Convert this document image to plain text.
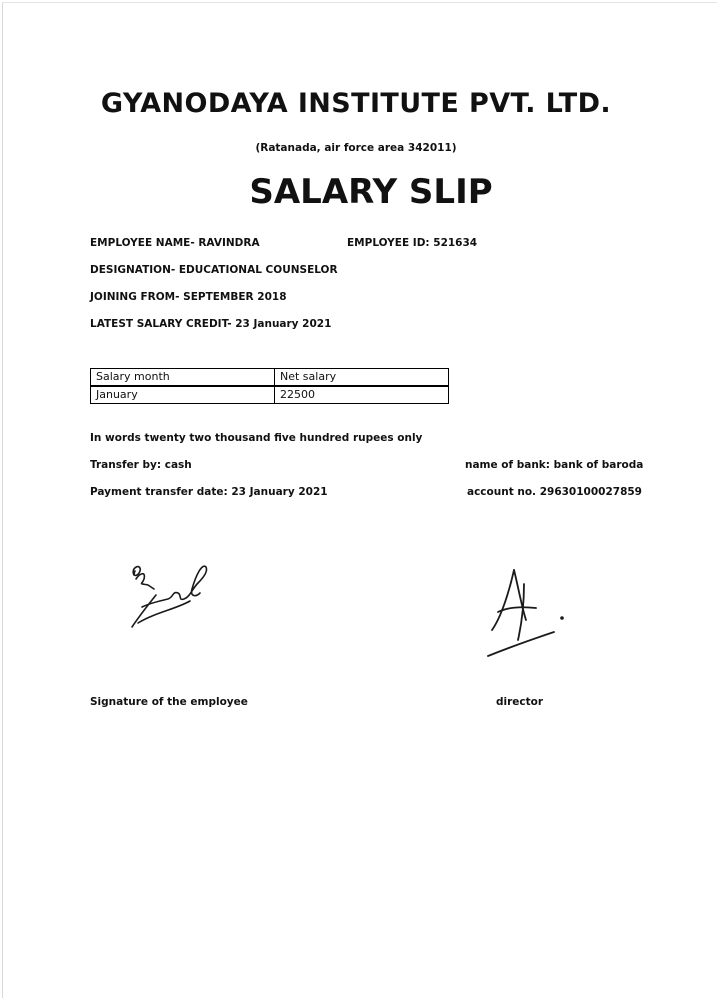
GYANODAYA INSTITUTE PVT. LTD.
(Ratanada, air force area 342011)
SALARY SLIP
EMPLOYEE NAME- RAVINDRA	EMPLOYEE ID: 521634
DESIGNATION- EDUCATIONAL COUNSELOR
JOINING FROM- SEPTEMBER 2018
LATEST SALARY CREDIT- 23 January 2021
Salary month	Net salary
January	22500
In words twenty two thousand five hundred rupees only
Transfer by: cash	name of bank: bank of baroda
Payment transfer date: 23 January 2021	account no. 29630100027859
Signature of the employee	director
